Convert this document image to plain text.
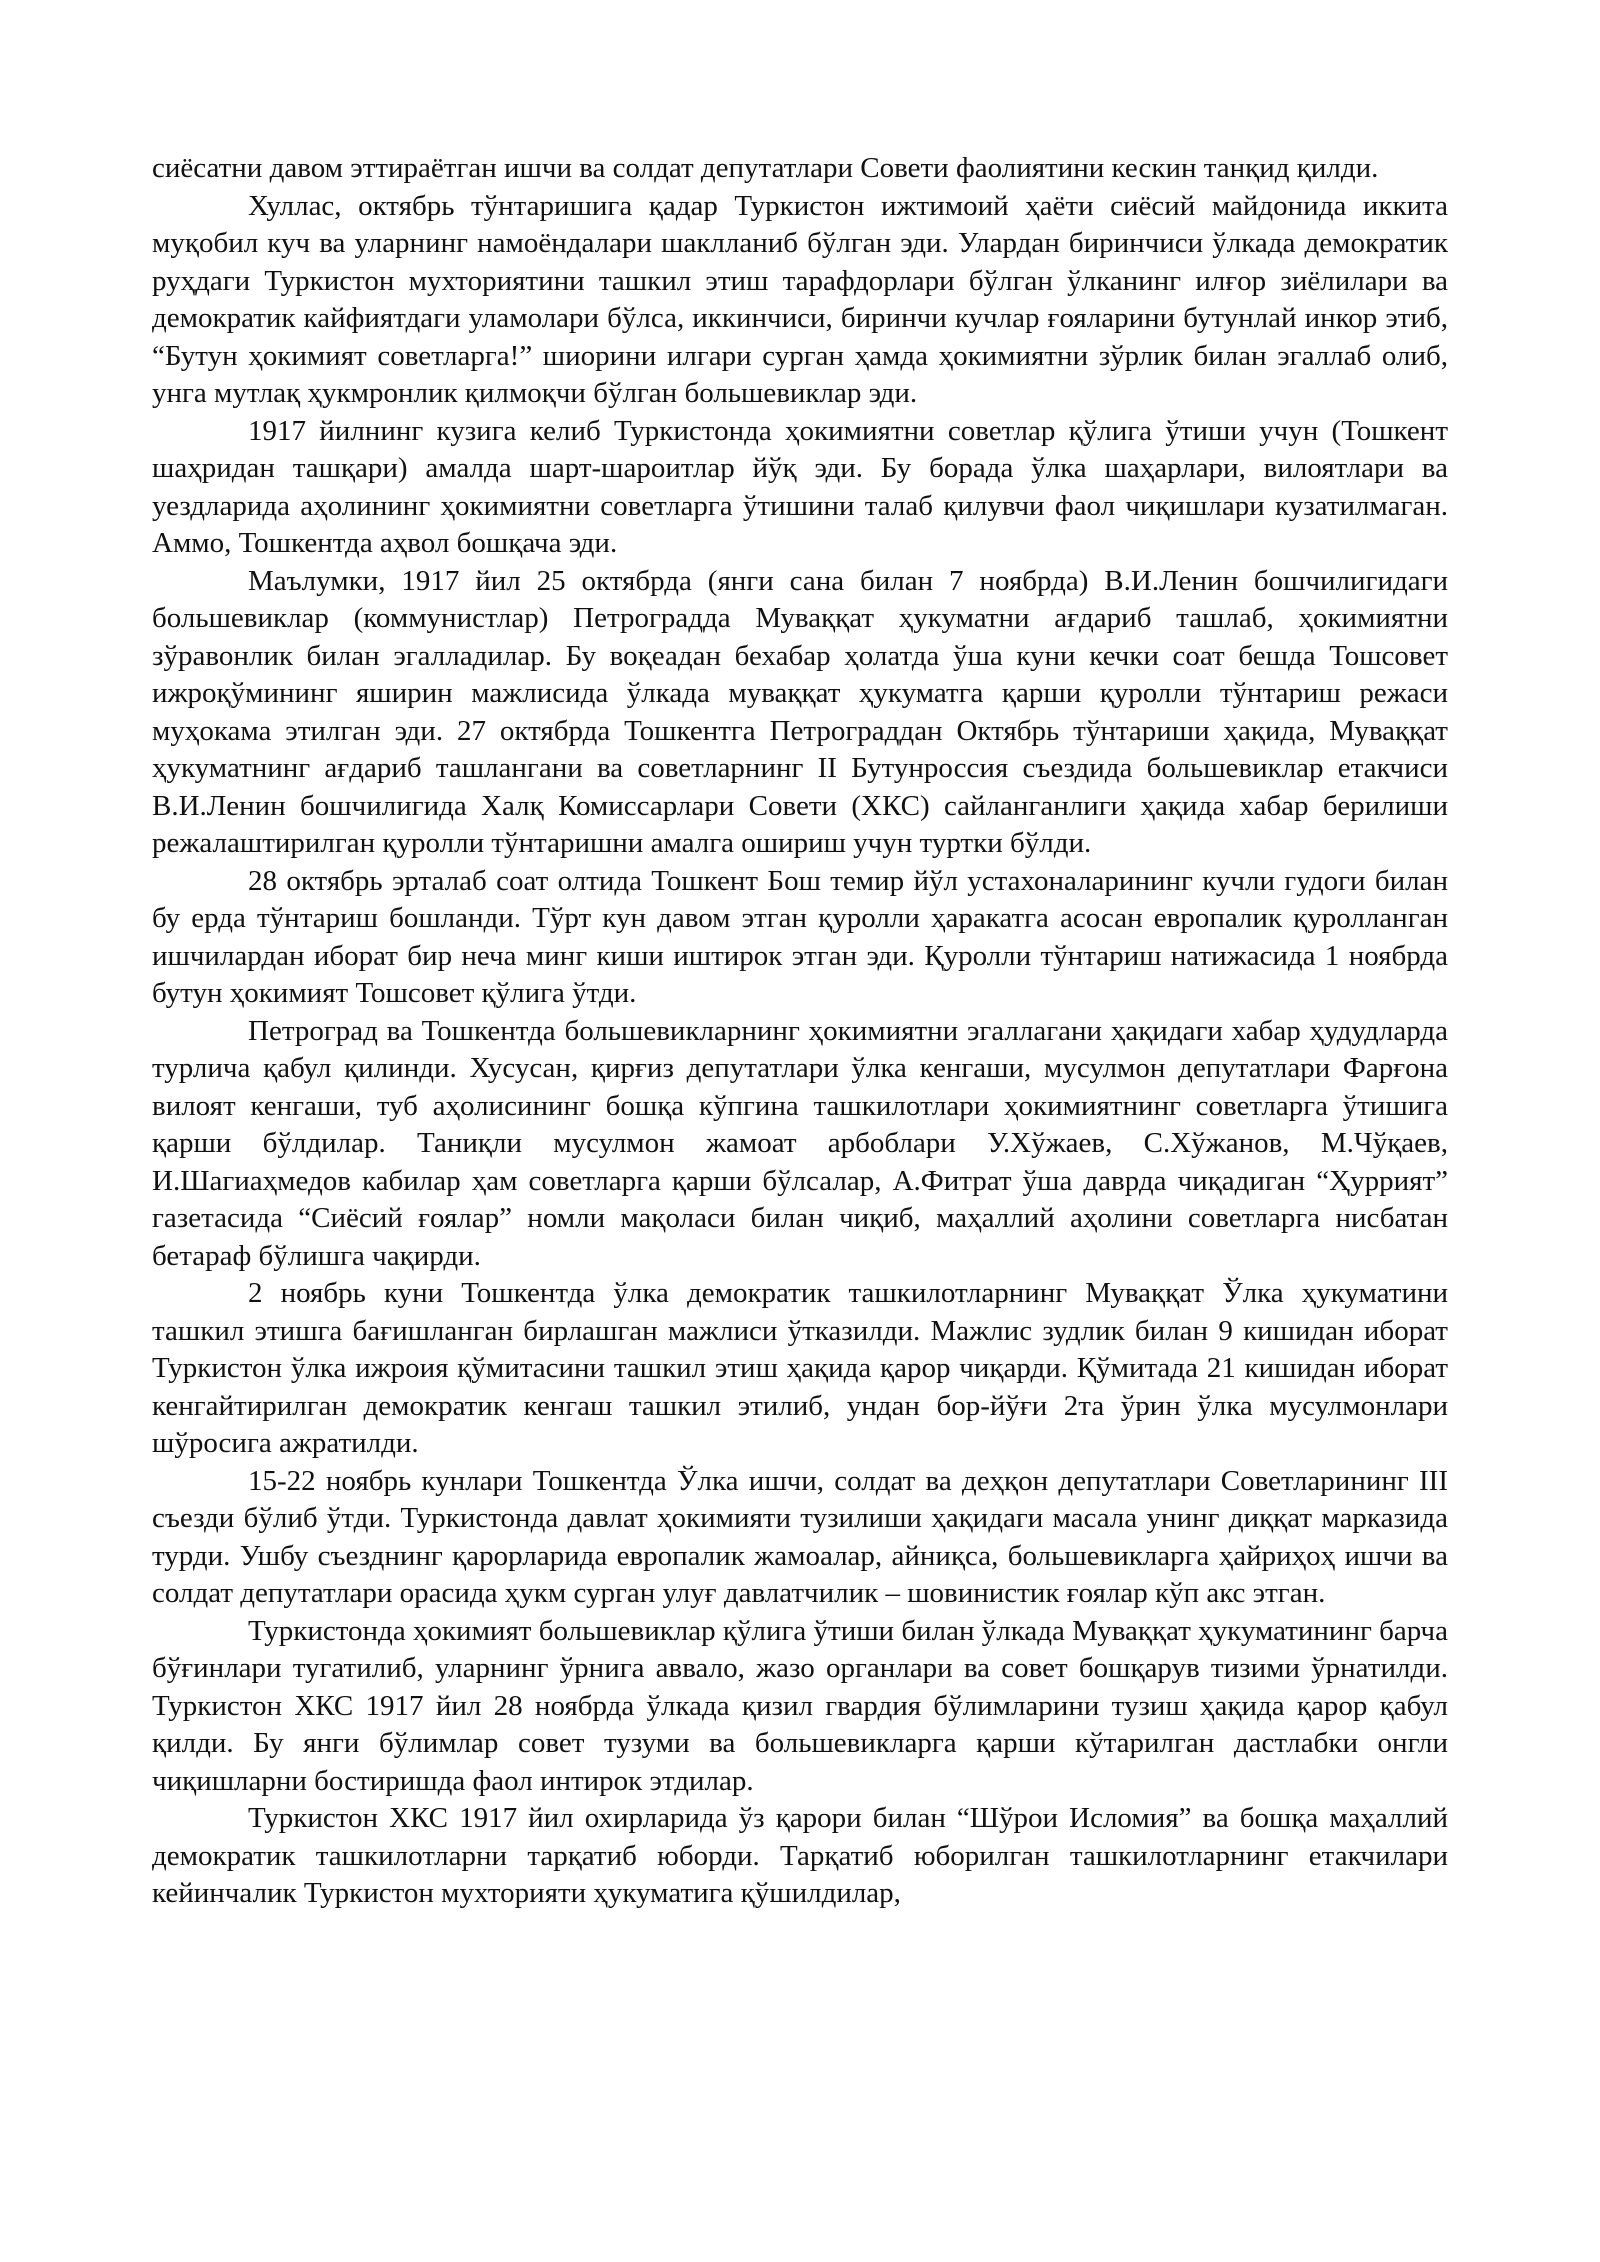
сиёсатни давом эттираётган ишчи ва солдат депутатлари Совети фаолиятини кескин танқид қилди.

Хуллас, октябрь тўнтаришига қадар Туркистон ижтимоий ҳаёти сиёсий майдонида иккита муқобил куч ва уларнинг намоёндалари шаклланиб бўлган эди. Улардан биринчиси ўлкада демократик руҳдаги Туркистон мухториятини ташкил этиш тарафдорлари бўлган ўлканинг илғор зиёлилари ва демократик кайфиятдаги уламолари бўлса, иккинчиси, биринчи кучлар ғояларини бутунлай инкор этиб, “Бутун ҳокимият советларга!” шиорини илгари сурган ҳамда ҳокимиятни зўрлик билан эгаллаб олиб, унга мутлақ ҳукмронлик қилмоқчи бўлган большевиклар эди.

1917 йилнинг кузига келиб Туркистонда ҳокимиятни советлар қўлига ўтиши учун (Тошкент шаҳридан ташқари) амалда шарт-шароитлар йўқ эди. Бу борада ўлка шаҳарлари, вилоятлари ва уездларида аҳолининг ҳокимиятни советларга ўтишини талаб қилувчи фаол чиқишлари кузатилмаган. Аммо, Тошкентда аҳвол бошқача эди.

Маълумки, 1917 йил 25 октябрда (янги сана билан 7 ноябрда) В.И.Ленин бошчилигидаги большевиклар (коммунистлар) Петроградда Муваққат ҳукуматни ағдариб ташлаб, ҳокимиятни зўравонлик билан эгалладилар. Бу воқеадан бехабар ҳолатда ўша куни кечки соат бешда Тошсовет ижроқўмининг яширин мажлисида ўлкада муваққат ҳукуматга қарши қуролли тўнтариш режаси муҳокама этилган эди. 27 октябрда Тошкентга Петрограддан Октябрь тўнтариши ҳақида, Муваққат ҳукуматнинг ағдариб ташлангани ва советларнинг II Бутунроссия съездида большевиклар етакчиси В.И.Ленин бошчилигида Халқ Комиссарлари Совети (ХКС) сайланганлиги ҳақида хабар берилиши режалаштирилган қуролли тўнтаришни амалга ошириш учун туртки бўлди.

28 октябрь эрталаб соат олтида Тошкент Бош темир йўл устахоналарининг кучли гудоги билан бу ерда тўнтариш бошланди. Тўрт кун давом этган қуролли ҳаракатга асосан европалик қуролланган ишчилардан иборат бир неча минг киши иштирок этган эди. Қуролли тўнтариш натижасида 1 ноябрда бутун ҳокимият Тошсовет қўлига ўтди.

Петроград ва Тошкентда большевикларнинг ҳокимиятни эгаллагани ҳақидаги хабар ҳудудларда турлича қабул қилинди. Хусусан, қирғиз депутатлари ўлка кенгаши, мусулмон депутатлари Фарғона вилоят кенгаши, туб аҳолисининг бошқа кўпгина ташкилотлари ҳокимиятнинг советларга ўтишига қарши бўлдилар. Таниқли мусулмон жамоат арбоблари У.Хўжаев, С.Хўжанов, М.Чўқаев, И.Шагиаҳмедов кабилар ҳам советларга қарши бўлсалар, А.Фитрат ўша даврда чиқадиган “Ҳуррият” газетасида “Сиёсий ғоялар” номли мақоласи билан чиқиб, маҳаллий аҳолини советларга нисбатан бетараф бўлишга чақирди.

2 ноябрь куни Тошкентда ўлка демократик ташкилотларнинг Муваққат Ўлка ҳукуматини ташкил этишга бағишланган бирлашган мажлиси ўтказилди. Мажлис зудлик билан 9 кишидан иборат Туркистон ўлка ижроия қўмитасини ташкил этиш ҳақида қарор чиқарди. Қўмитада 21 кишидан иборат кенгайтирилган демократик кенгаш ташкил этилиб, ундан бор-йўғи 2та ўрин ўлка мусулмонлари шўросига ажратилди.

15-22 ноябрь кунлари Тошкентда Ўлка ишчи, солдат ва деҳқон депутатлари Советларининг III съезди бўлиб ўтди. Туркистонда давлат ҳокимияти тузилиши ҳақидаги масала унинг диққат марказида турди. Ушбу съезднинг қарорларида европалик жамоалар, айниқса, большевикларга ҳайриҳоҳ ишчи ва солдат депутатлари орасида ҳукм сурган улуғ давлатчилик – шовинистик ғоялар кўп акс этган.

Туркистонда ҳокимият большевиклар қўлига ўтиши билан ўлкада Муваққат ҳукуматининг барча бўғинлари тугатилиб, уларнинг ўрнига аввало, жазо органлари ва совет бошқарув тизими ўрнатилди. Туркистон ХКС 1917 йил 28 ноябрда ўлкада қизил гвардия бўлимларини тузиш ҳақида қарор қабул қилди. Бу янги бўлимлар совет тузуми ва большевикларга қарши кўтарилган дастлабки онгли чиқишларни бостиришда фаол интирок этдилар.

Туркистон ХКС 1917 йил охирларида ўз қарори билан “Шўрои Исломия” ва бошқа маҳаллий демократик ташкилотларни тарқатиб юборди. Тарқатиб юборилган ташкилотларнинг етакчилари кейинчалик Туркистон мухторияти ҳукуматига қўшилдилар,
